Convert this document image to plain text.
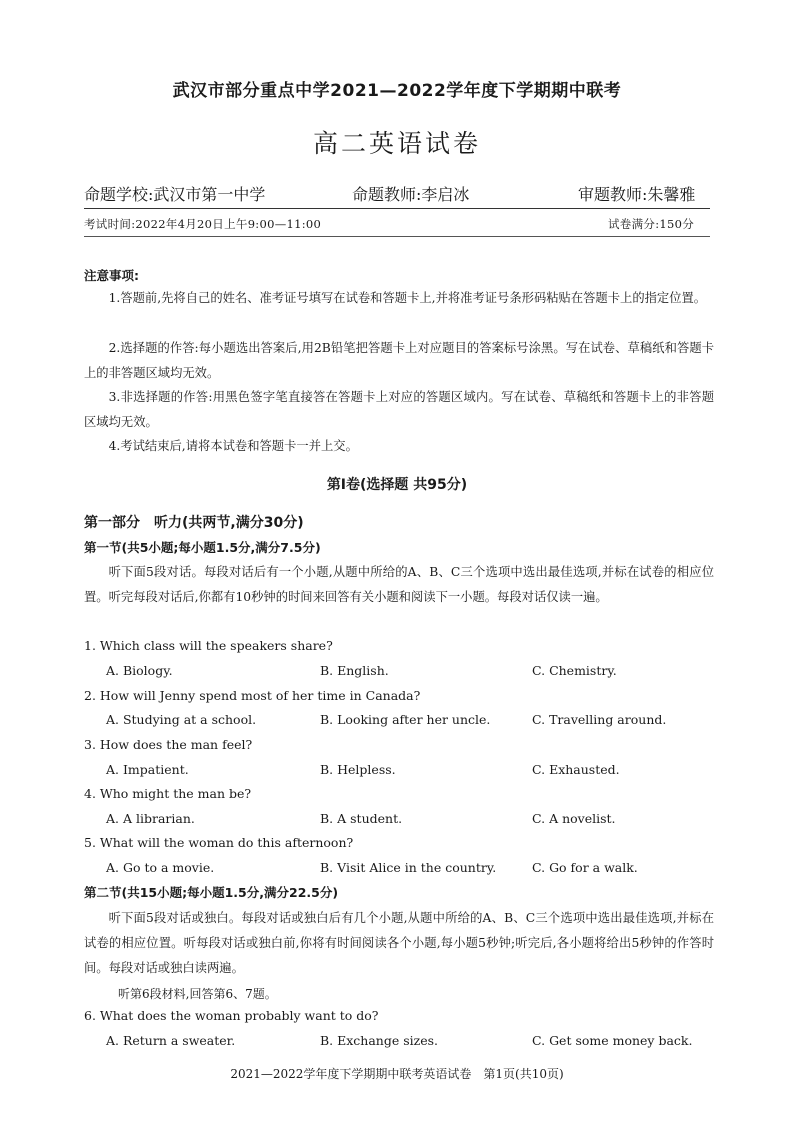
武汉市部分重点中学2021—2022学年度下学期期中联考
高二英语试卷
命题学校:武汉市第一中学	命题教师:李启冰	审题教师:朱馨雅
考试时间:2022年4月20日上午9:00—11:00	试卷满分:150分
注意事项:
1.答题前,先将自己的姓名、准考证号填写在试卷和答题卡上,并将准考证号条形码粘贴在答题卡上的指定位置。
2.选择题的作答:每小题选出答案后,用2B铅笔把答题卡上对应题目的答案标号涂黑。写在试卷、草稿纸和答题卡上的非答题区域均无效。
3.非选择题的作答:用黑色签字笔直接答在答题卡上对应的答题区域内。写在试卷、草稿纸和答题卡上的非答题区域均无效。
4.考试结束后,请将本试卷和答题卡一并上交。
第Ⅰ卷(选择题 共95分)
第一部分　听力(共两节,满分30分)
第一节(共5小题;每小题1.5分,满分7.5分)
听下面5段对话。每段对话后有一个小题,从题中所给的A、B、C三个选项中选出最佳选项,并标在试卷的相应位置。听完每段对话后,你都有10秒钟的时间来回答有关小题和阅读下一小题。每段对话仅读一遍。
1. Which class will the speakers share?
A. Biology.	B. English.	C. Chemistry.
2. How will Jenny spend most of her time in Canada?
A. Studying at a school.	B. Looking after her uncle.	C. Travelling around.
3. How does the man feel?
A. Impatient.	B. Helpless.	C. Exhausted.
4. Who might the man be?
A. A librarian.	B. A student.	C. A novelist.
5. What will the woman do this afternoon?
A. Go to a movie.	B. Visit Alice in the country.	C. Go for a walk.
第二节(共15小题;每小题1.5分,满分22.5分)
听下面5段对话或独白。每段对话或独白后有几个小题,从题中所给的A、B、C三个选项中选出最佳选项,并标在试卷的相应位置。听每段对话或独白前,你将有时间阅读各个小题,每小题5秒钟;听完后,各小题将给出5秒钟的作答时间。每段对话或独白读两遍。
听第6段材料,回答第6、7题。
6. What does the woman probably want to do?
A. Return a sweater.	B. Exchange sizes.	C. Get some money back.
2021—2022学年度下学期期中联考英语试卷　第1页(共10页)
